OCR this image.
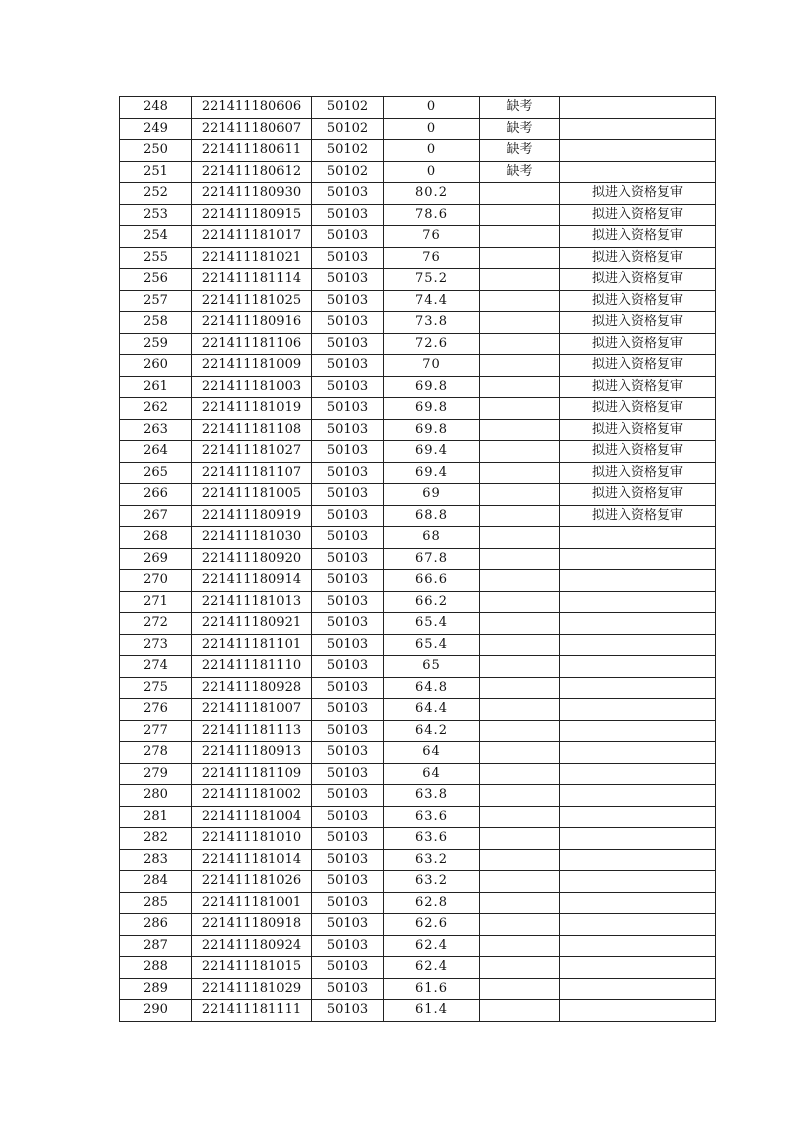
248	221411180606	50102	0	缺考	
249	221411180607	50102	0	缺考	
250	221411180611	50102	0	缺考	
251	221411180612	50102	0	缺考	
252	221411180930	50103	80.2		拟进入资格复审
253	221411180915	50103	78.6		拟进入资格复审
254	221411181017	50103	76		拟进入资格复审
255	221411181021	50103	76		拟进入资格复审
256	221411181114	50103	75.2		拟进入资格复审
257	221411181025	50103	74.4		拟进入资格复审
258	221411180916	50103	73.8		拟进入资格复审
259	221411181106	50103	72.6		拟进入资格复审
260	221411181009	50103	70		拟进入资格复审
261	221411181003	50103	69.8		拟进入资格复审
262	221411181019	50103	69.8		拟进入资格复审
263	221411181108	50103	69.8		拟进入资格复审
264	221411181027	50103	69.4		拟进入资格复审
265	221411181107	50103	69.4		拟进入资格复审
266	221411181005	50103	69		拟进入资格复审
267	221411180919	50103	68.8		拟进入资格复审
268	221411181030	50103	68		
269	221411180920	50103	67.8		
270	221411180914	50103	66.6		
271	221411181013	50103	66.2		
272	221411180921	50103	65.4		
273	221411181101	50103	65.4		
274	221411181110	50103	65		
275	221411180928	50103	64.8		
276	221411181007	50103	64.4		
277	221411181113	50103	64.2		
278	221411180913	50103	64		
279	221411181109	50103	64		
280	221411181002	50103	63.8		
281	221411181004	50103	63.6		
282	221411181010	50103	63.6		
283	221411181014	50103	63.2		
284	221411181026	50103	63.2		
285	221411181001	50103	62.8		
286	221411180918	50103	62.6		
287	221411180924	50103	62.4		
288	221411181015	50103	62.4		
289	221411181029	50103	61.6		
290	221411181111	50103	61.4		
